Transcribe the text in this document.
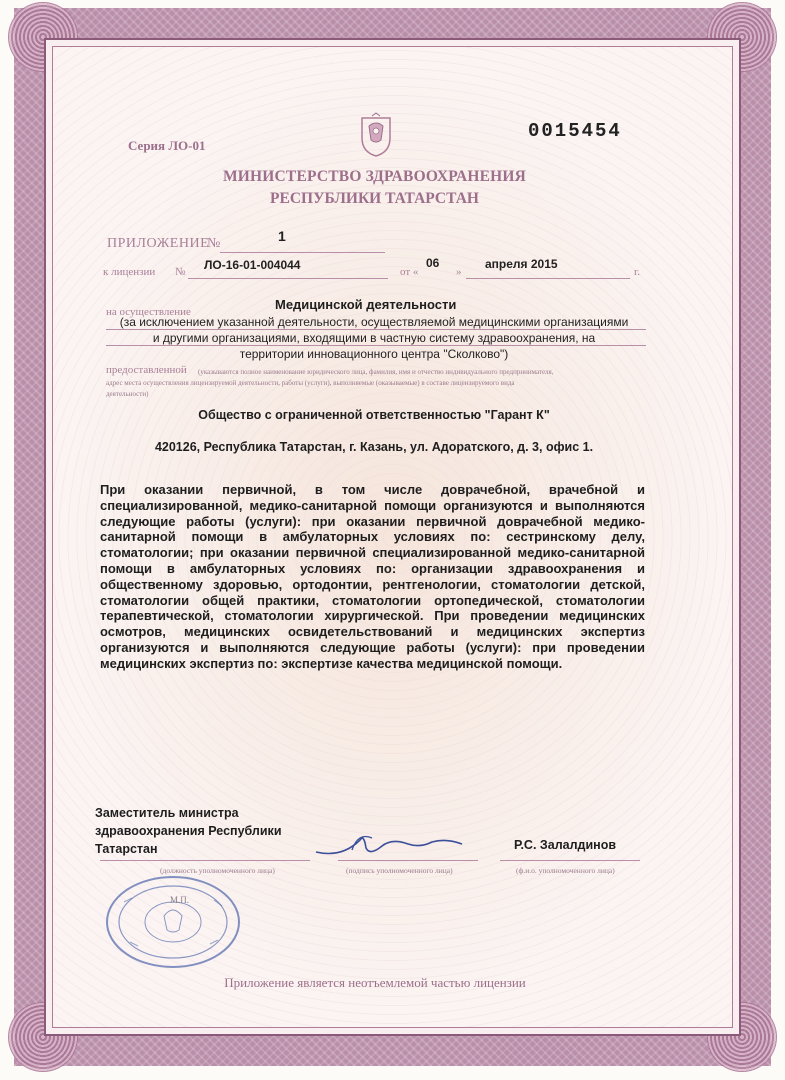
Серия ЛО-01
0015454
МИНИСТЕРСТВО ЗДРАВООХРАНЕНИЯ
РЕСПУБЛИКИ ТАТАРСТАН
ПРИЛОЖЕНИЕ
№	1
к лицензии № ЛО-16-01-004044	от «
06
»
апреля 2015
г.
Медицинской деятельности
на осуществление
(за исключением указанной деятельности, осуществляемой медицинскими организациями
и другими организациями, входящими в частную систему здравоохранения, на
территории инновационного центра "Сколково")
предоставленной (указываются полное наименование юридического лица, фамилия, имя и отчество индивидуального предпринимателя,
адрес места осуществления лицензируемой деятельности, работы (услуги), выполняемые (оказываемые) в составе лицензируемого вида
деятельности)
Общество с ограниченной ответственностью "Гарант К"
420126, Республика Татарстан, г. Казань, ул. Адоратского, д. 3, офис 1.
При оказании первичной, в том числе доврачебной, врачебной и специализированной, медико-санитарной помощи организуются и выполняются следующие работы (услуги): при оказании первичной доврачебной медико-санитарной помощи в амбулаторных условиях по: сестринскому делу, стоматологии; при оказании первичной специализированной медико-санитарной помощи в амбулаторных условиях по: организации здравоохранения и общественному здоровью, ортодонтии, рентгенологии, стоматологии детской, стоматологии общей практики, стоматологии ортопедической, стоматологии терапевтической, стоматологии хирургической. При проведении медицинских осмотров, медицинских освидетельствований и медицинских экспертиз организуются и выполняются следующие работы (услуги): при проведении медицинских экспертиз по: экспертизе качества медицинской помощи.
Заместитель министра
здравоохранения Республики
Татарстан	Р.С. Залалдинов
(должность уполномоченного лица)	(подпись уполномоченного лица)	(ф.и.о. уполномоченного лица)
М.П.
Приложение является неотъемлемой частью лицензии
